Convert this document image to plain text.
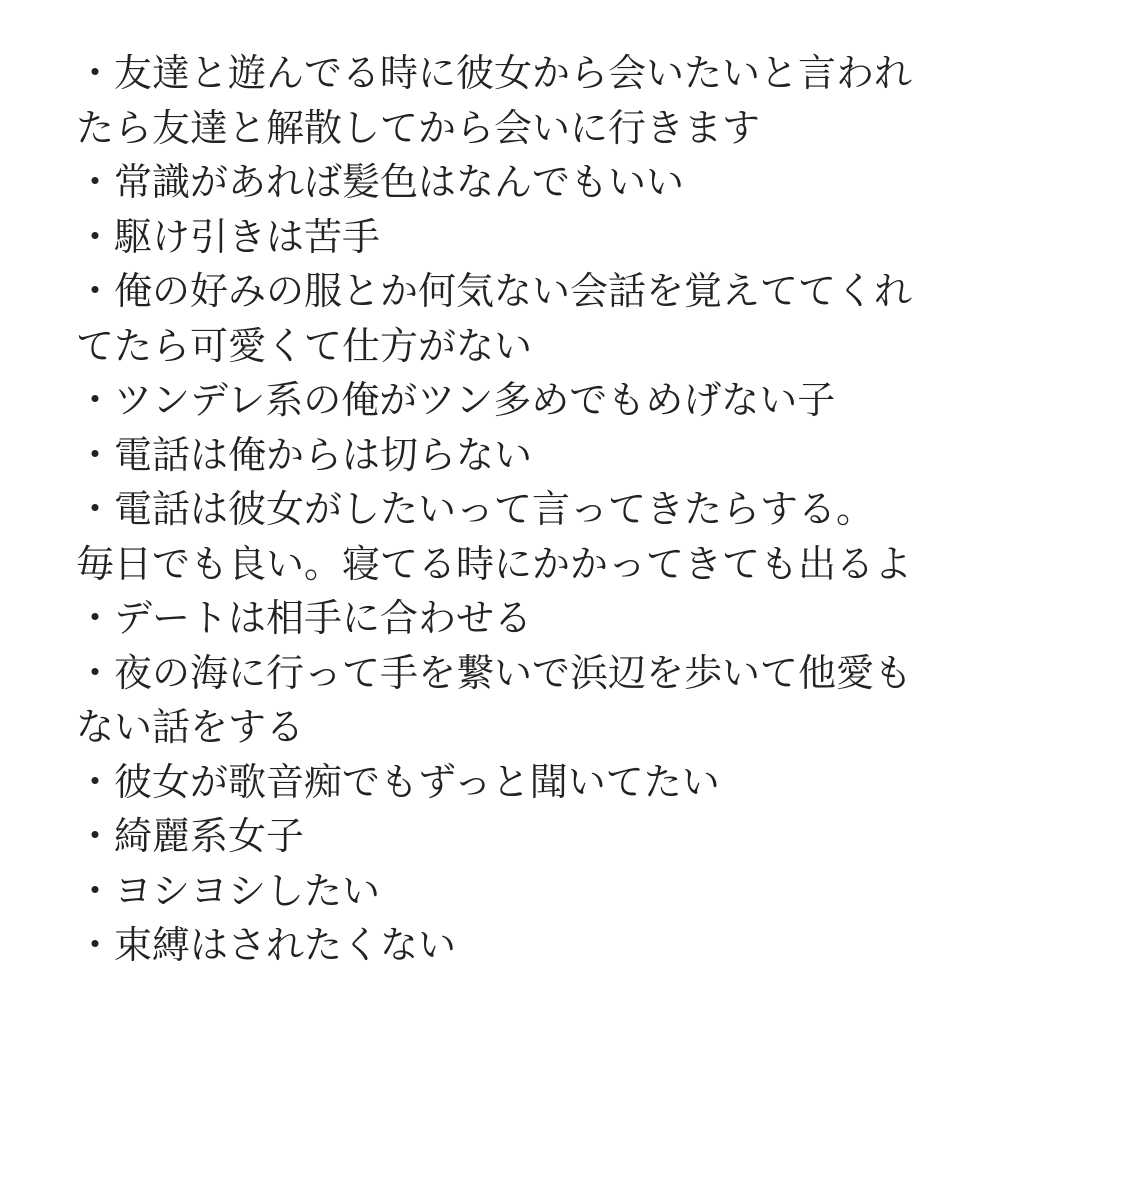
・友達と遊んでる時に彼女から会いたいと言われ

たら友達と解散してから会いに行きます

・常識があれば髪色はなんでもいい

・駆け引きは苦手

・俺の好みの服とか何気ない会話を覚えててくれ

てたら可愛くて仕方がない

・ツンデレ系の俺がツン多めでもめげない子

・電話は俺からは切らない

・電話は彼女がしたいって言ってきたらする。

毎日でも良い。寝てる時にかかってきても出るよ

・デートは相手に合わせる

・夜の海に行って手を繋いで浜辺を歩いて他愛も

ない話をする

・彼女が歌音痴でもずっと聞いてたい

・綺麗系女子

・ヨシヨシしたい

・束縛はされたくない
